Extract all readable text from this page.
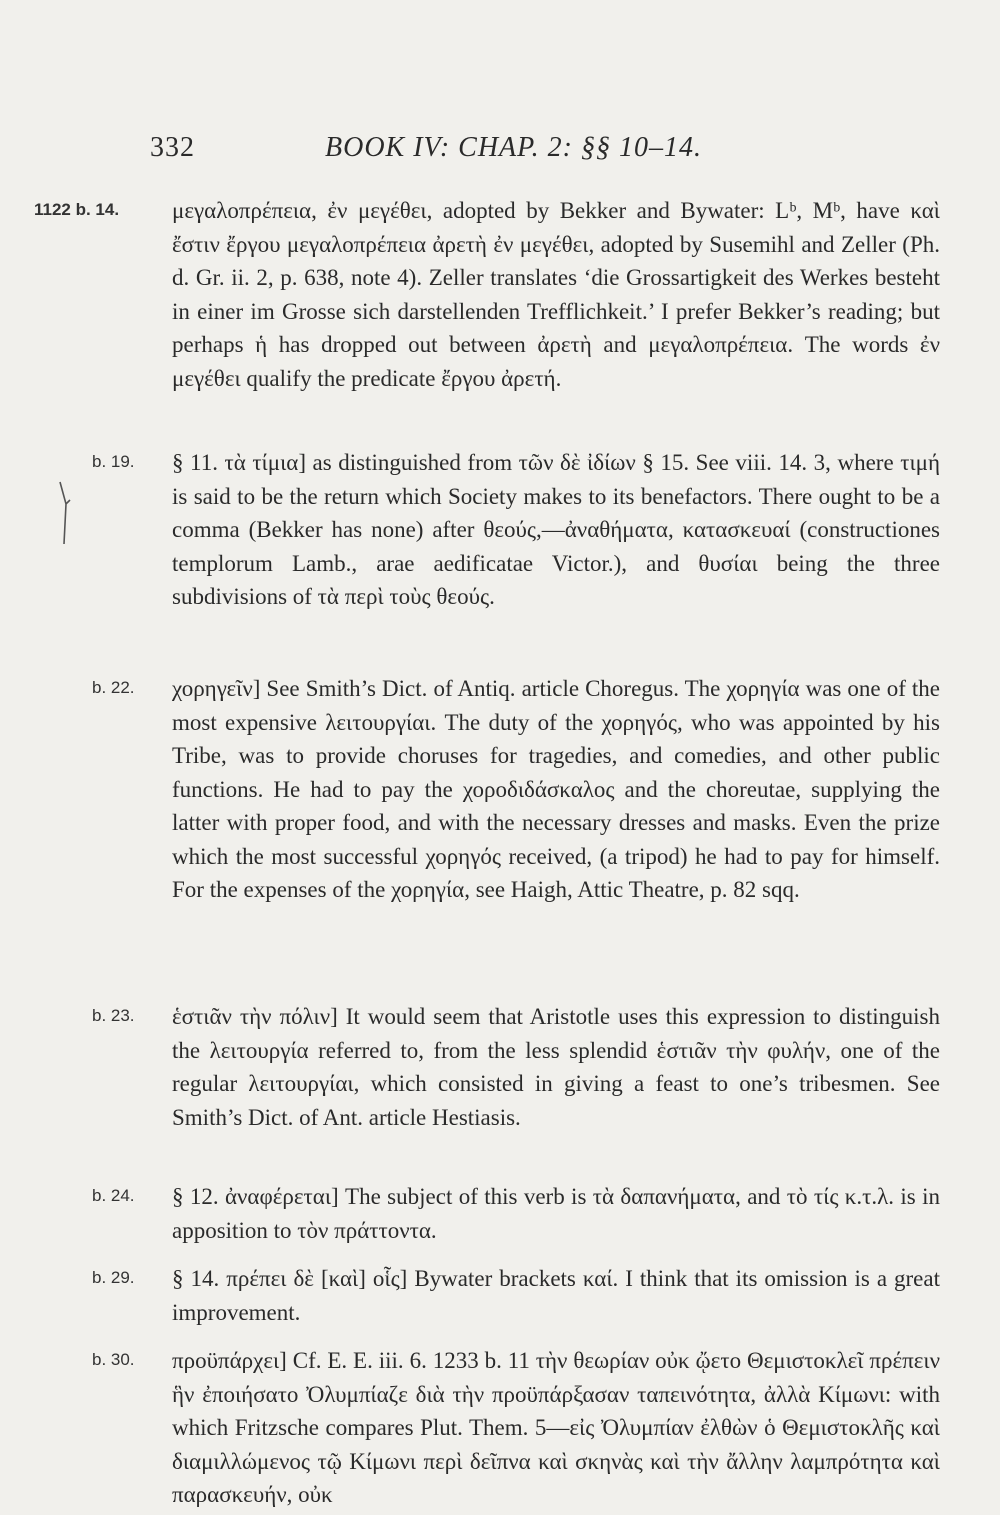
332	BOOK IV: CHAP. 2: §§ 10–14.
1122 b. 14.	μεγαλοπρέπεια, ἐν μεγέθει, adopted by Bekker and Bywater: Lᵇ, Mᵇ, have καὶ ἔστιν ἔργου μεγαλοπρέπεια ἀρετὴ ἐν μεγέθει, adopted by Susemihl and Zeller (Ph. d. Gr. ii. 2, p. 638, note 4). Zeller translates ‘die Grossartigkeit des Werkes besteht in einer im Grosse sich darstellenden Trefflichkeit.’ I prefer Bekker’s reading; but perhaps ἡ has dropped out between ἀρετὴ and μεγαλοπρέπεια. The words ἐν μεγέθει qualify the predicate ἔργου ἀρετή.
b. 19.	§ 11. τὰ τίμια] as distinguished from τῶν δὲ ἰδίων § 15. See viii. 14. 3, where τιμή is said to be the return which Society makes to its benefactors. There ought to be a comma (Bekker has none) after θεούς,—ἀναθήματα, κατασκευαί (constructiones templorum Lamb., arae aedificatae Victor.), and θυσίαι being the three subdivisions of τὰ περὶ τοὺς θεούς.
b. 22.	χορηγεῖν] See Smith’s Dict. of Antiq. article Choregus. The χορηγία was one of the most expensive λειτουργίαι. The duty of the χορηγός, who was appointed by his Tribe, was to provide choruses for tragedies, and comedies, and other public functions. He had to pay the χοροδιδάσκαλος and the choreutae, supplying the latter with proper food, and with the necessary dresses and masks. Even the prize which the most successful χορηγός received, (a tripod) he had to pay for himself. For the expenses of the χορηγία, see Haigh, Attic Theatre, p. 82 sqq.
b. 23.	ἑστιᾶν τὴν πόλιν] It would seem that Aristotle uses this expression to distinguish the λειτουργία referred to, from the less splendid ἑστιᾶν τὴν φυλήν, one of the regular λειτουργίαι, which consisted in giving a feast to one’s tribesmen. See Smith’s Dict. of Ant. article Hestiasis.
b. 24.	§ 12. ἀναφέρεται] The subject of this verb is τὰ δαπανήματα, and τὸ τίς κ.τ.λ. is in apposition to τὸν πράττοντα.
b. 29.	§ 14. πρέπει δὲ [καὶ] οἷς] Bywater brackets καί. I think that its omission is a great improvement.
b. 30.	προϋπάρχει] Cf. E. E. iii. 6. 1233 b. 11 τὴν θεωρίαν οὐκ ᾤετο Θεμιστοκλεῖ πρέπειν ἣν ἐποιήσατο Ὀλυμπίαζε διὰ τὴν προϋπάρξασαν ταπεινότητα, ἀλλὰ Κίμωνι: with which Fritzsche compares Plut. Them. 5—εἰς Ὀλυμπίαν ἐλθὼν ὁ Θεμιστοκλῆς καὶ διαμιλλώμενος τῷ Κίμωνι περὶ δεῖπνα καὶ σκηνὰς καὶ τὴν ἄλλην λαμπρότητα καὶ παρασκευήν, οὐκ
